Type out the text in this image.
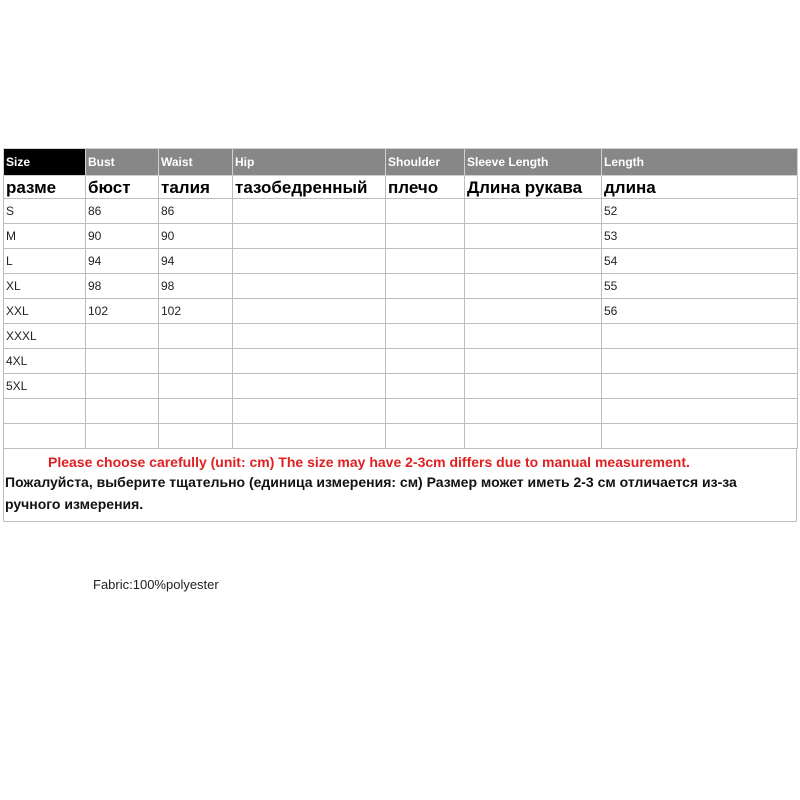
Size	Bust	Waist	Hip	Shoulder	Sleeve Length	Length
разме	бюст	талия	тазобедренный	плечо	Длина рукава	длина
S	86	86				52
M	90	90				53
L	94	94				54
XL	98	98				55
XXL	102	102				56
XXXL						
4XL						
5XL						

Please choose carefully (unit: cm) The size may have 2-3cm differs due to manual measurement.
Пожалуйста, выберите тщательно (единица измерения: см) Размер может иметь 2-3 см отличается из-за ручного измерения.
Fabric:100%polyester
